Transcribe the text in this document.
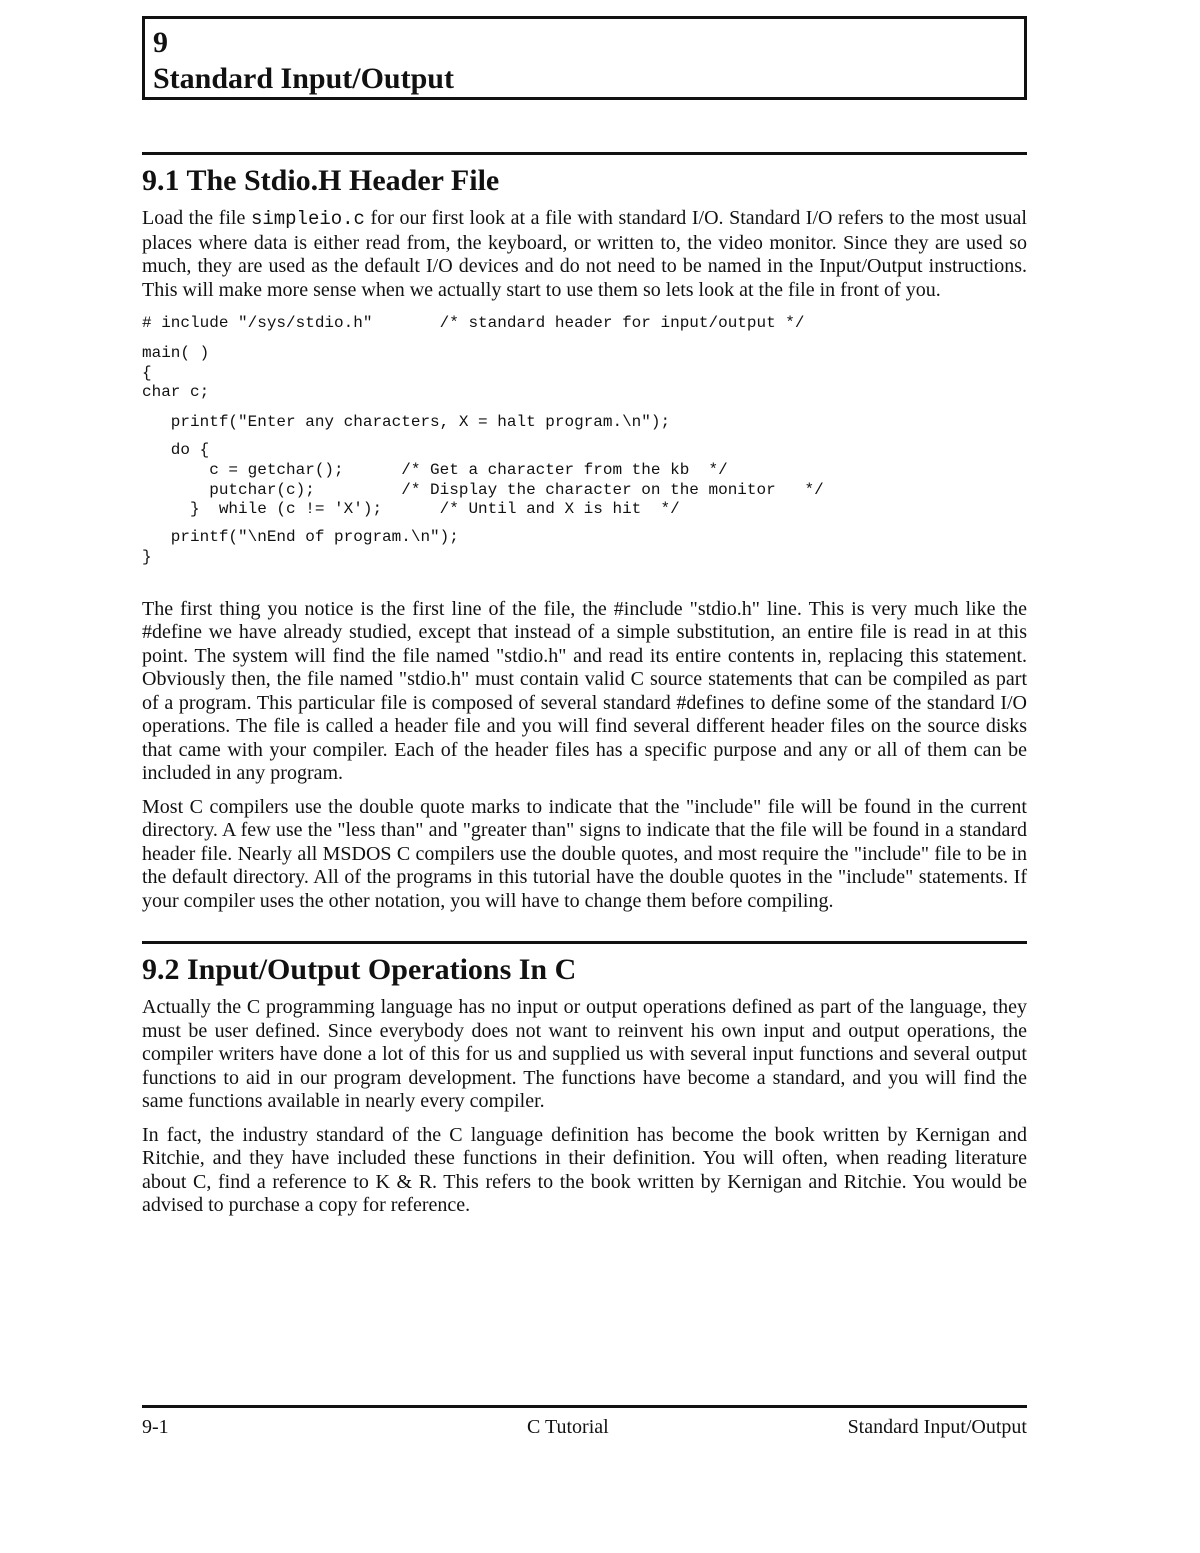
9
Standard Input/Output
9.1 The Stdio.H Header File

Load the file simpleio.c for our first look at a file with standard I/O. Standard I/O refers to the most usual places where data is either read from, the keyboard, or written to, the video monitor. Since they are used so much, they are used as the default I/O devices and do not need to be named in the Input/Output instructions. This will make more sense when we actually start to use them so lets look at the file in front of you.

# include "/sys/stdio.h"       /* standard header for input/output */
main( )
{
char c;
printf("Enter any characters, X = halt program.\n");
do {
c = getchar();      /* Get a character from the kb  */
putchar(c);         /* Display the character on the monitor   */
}  while (c != 'X');      /* Until and X is hit  */
printf("\nEnd of program.\n");
}

The first thing you notice is the first line of the file, the #include "stdio.h" line. This is very much like the #define we have already studied, except that instead of a simple substitution, an entire file is read in at this point. The system will find the file named "stdio.h" and read its entire contents in, replacing this statement. Obviously then, the file named "stdio.h" must contain valid C source statements that can be compiled as part of a program. This particular file is composed of several standard #defines to define some of the standard I/O operations. The file is called a header file and you will find several different header files on the source disks that came with your compiler. Each of the header files has a specific purpose and any or all of them can be included in any program.

Most C compilers use the double quote marks to indicate that the "include" file will be found in the current directory. A few use the "less than" and "greater than" signs to indicate that the file will be found in a standard header file. Nearly all MSDOS C compilers use the double quotes, and most require the "include" file to be in the default directory. All of the programs in this tutorial have the double quotes in the "include" statements. If your compiler uses the other notation, you will have to change them before compiling.

9.2 Input/Output Operations In C

Actually the C programming language has no input or output operations defined as part of the language, they must be user defined. Since everybody does not want to reinvent his own input and output operations, the compiler writers have done a lot of this for us and supplied us with several input functions and several output functions to aid in our program development. The functions have become a standard, and you will find the same functions available in nearly every compiler.

In fact, the industry standard of the C language definition has become the book written by Kernigan and Ritchie, and they have included these functions in their definition. You will often, when reading literature about C, find a reference to K & R. This refers to the book written by Kernigan and Ritchie. You would be advised to purchase a copy for reference.

9-1	C Tutorial	Standard Input/Output
